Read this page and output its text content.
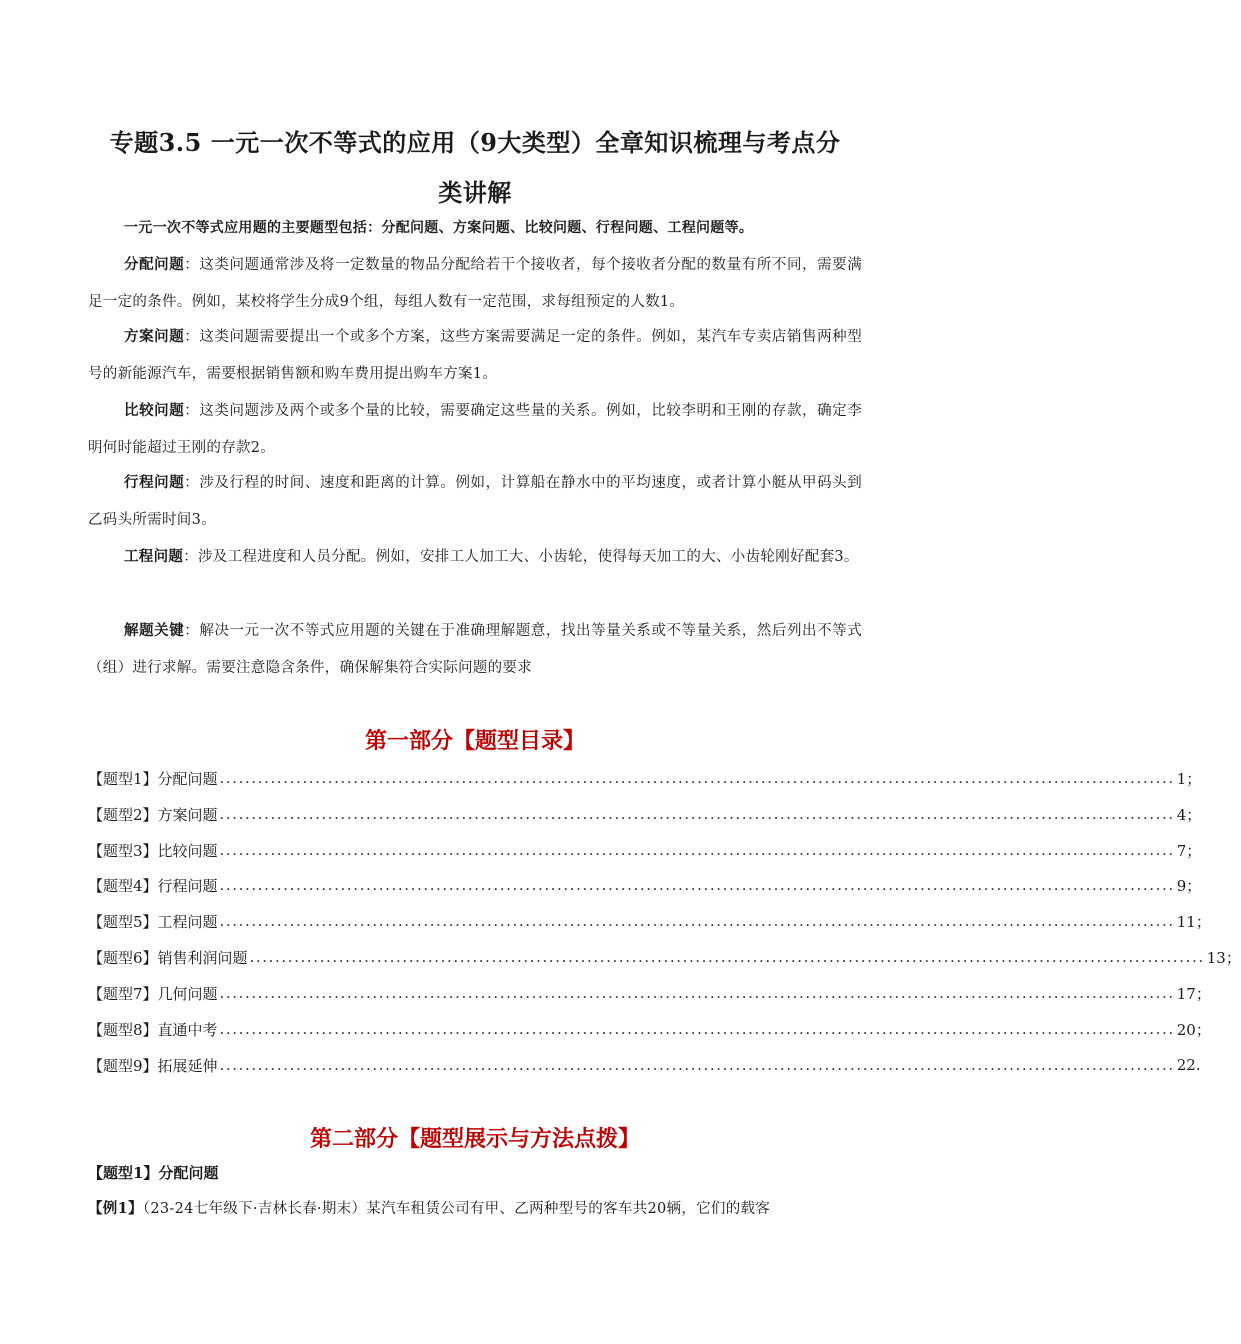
专题3.5 一元一次不等式的应用（9大类型）全章知识梳理与考点分
类讲解
一元一次不等式应用题的主要题型包括：分配问题、方案问题、比较问题、行程问题、工程问题等。
分配问题：这类问题通常涉及将一定数量的物品分配给若干个接收者，每个接收者分配的数量有所不同，需要满足一定的条件。例如，某校将学生分成9个组，每组人数有一定范围，求每组预定的人数1。
方案问题：这类问题需要提出一个或多个方案，这些方案需要满足一定的条件。例如，某汽车专卖店销售两种型号的新能源汽车，需要根据销售额和购车费用提出购车方案1。
比较问题：这类问题涉及两个或多个量的比较，需要确定这些量的关系。例如，比较李明和王刚的存款，确定李明何时能超过王刚的存款2。
行程问题：涉及行程的时间、速度和距离的计算。例如，计算船在静水中的平均速度，或者计算小艇从甲码头到乙码头所需时间3。
工程问题：涉及工程进度和人员分配。例如，安排工人加工大、小齿轮，使得每天加工的大、小齿轮刚好配套3。
解题关键：解决一元一次不等式应用题的关键在于准确理解题意，找出等量关系或不等量关系，然后列出不等式（组）进行求解。需要注意隐含条件，确保解集符合实际问题的要求
第一部分【题型目录】
【题型1】分配问题 ...................................................................................................................................................... 1；
【题型2】方案问题 ...................................................................................................................................................... 4；
【题型3】比较问题 ...................................................................................................................................................... 7；
【题型4】行程问题 ...................................................................................................................................................... 9；
【题型5】工程问题 ...................................................................................................................................................... 11；
【题型6】销售利润问题 ...................................................................................................................................................... 13；
【题型7】几何问题 ...................................................................................................................................................... 17；
【题型8】直通中考 ...................................................................................................................................................... 20；
【题型9】拓展延伸 ...................................................................................................................................................... 22.
第二部分【题型展示与方法点拨】
【题型1】分配问题
【例1】（23-24七年级下·吉林长春·期末）某汽车租赁公司有甲、乙两种型号的客车共20辆，它们的载客
